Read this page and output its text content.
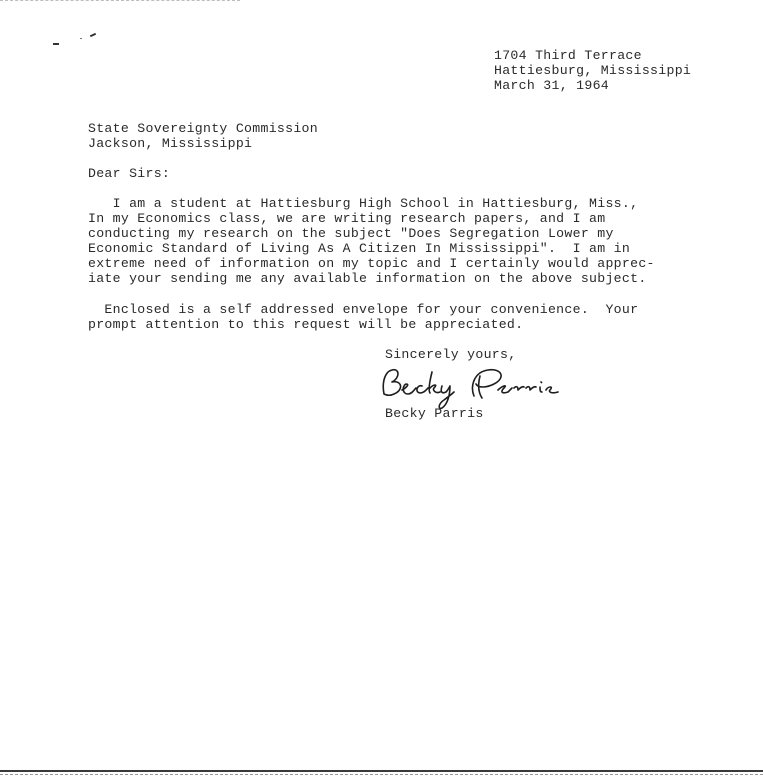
1704 Third Terrace

Hattiesburg, Mississippi

March 31, 1964

State Sovereignty Commission

Jackson, Mississippi

Dear Sirs:

I am a student at Hattiesburg High School in Hattiesburg, Miss.,

In my Economics class, we are writing research papers, and I am

conducting my research on the subject "Does Segregation Lower my

Economic Standard of Living As A Citizen In Mississippi".  I am in

extreme need of information on my topic and I certainly would apprec-

iate your sending me any available information on the above subject.

Enclosed is a self addressed envelope for your convenience.  Your

prompt attention to this request will be appreciated.

Sincerely yours,

Becky Parris
